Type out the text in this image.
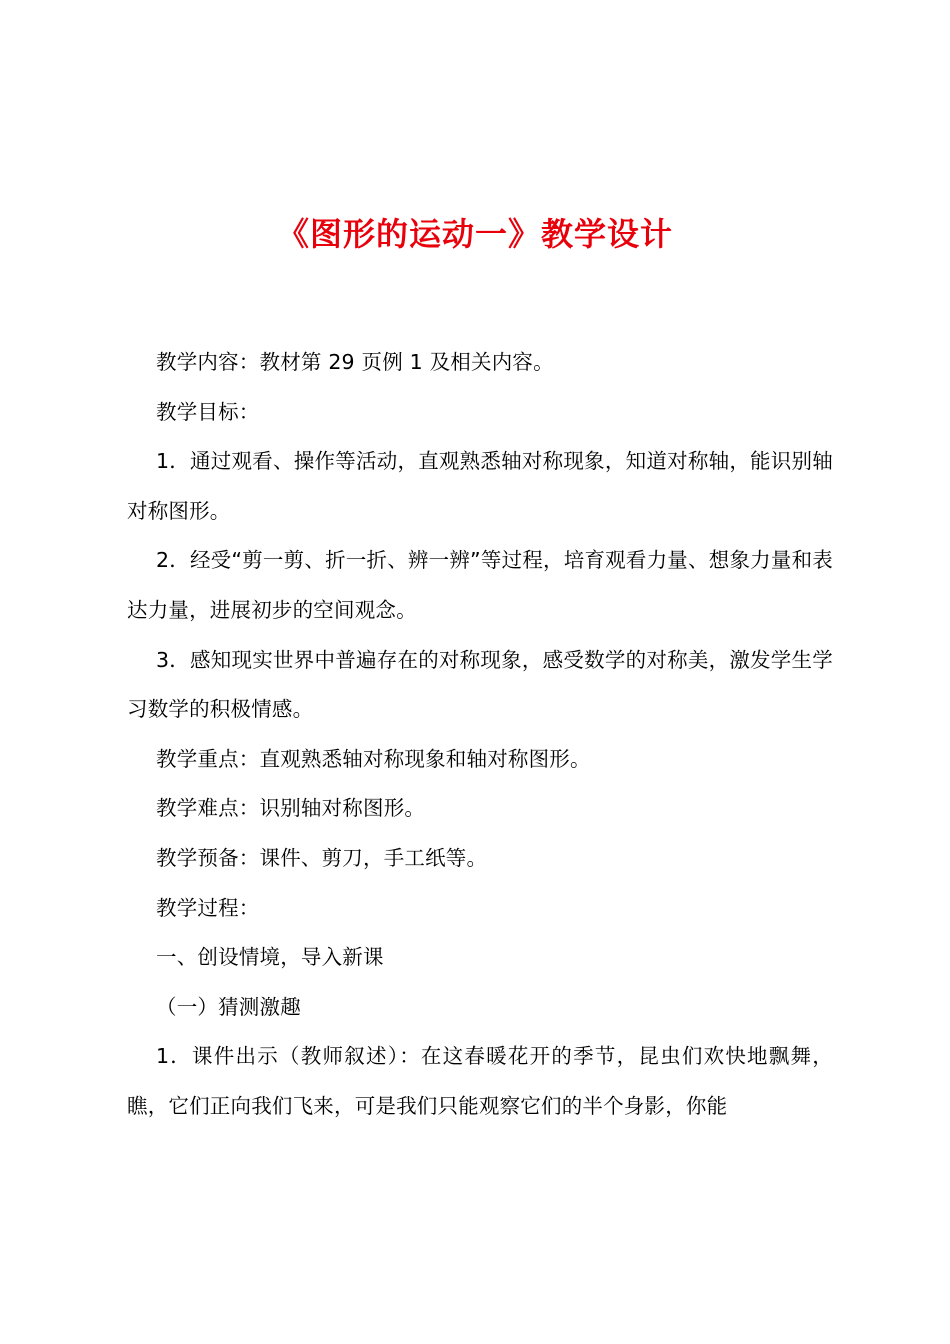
《图形的运动一》教学设计

教学内容：教材第 29 页例 1 及相关内容。

教学目标：

1．通过观看、操作等活动，直观熟悉轴对称现象，知道对称轴，能识别轴对称图形。

2．经受“剪一剪、折一折、辨一辨”等过程，培育观看力量、想象力量和表达力量，进展初步的空间观念。

3．感知现实世界中普遍存在的对称现象，感受数学的对称美，激发学生学习数学的积极情感。

教学重点：直观熟悉轴对称现象和轴对称图形。

教学难点：识别轴对称图形。

教学预备：课件、剪刀，手工纸等。

教学过程：

一、创设情境，导入新课

（一）猜测激趣

1．课件出示（教师叙述）：在这春暖花开的季节，昆虫们欢快地飘舞，瞧，它们正向我们飞来，可是我们只能观察它们的半个身影，你能
